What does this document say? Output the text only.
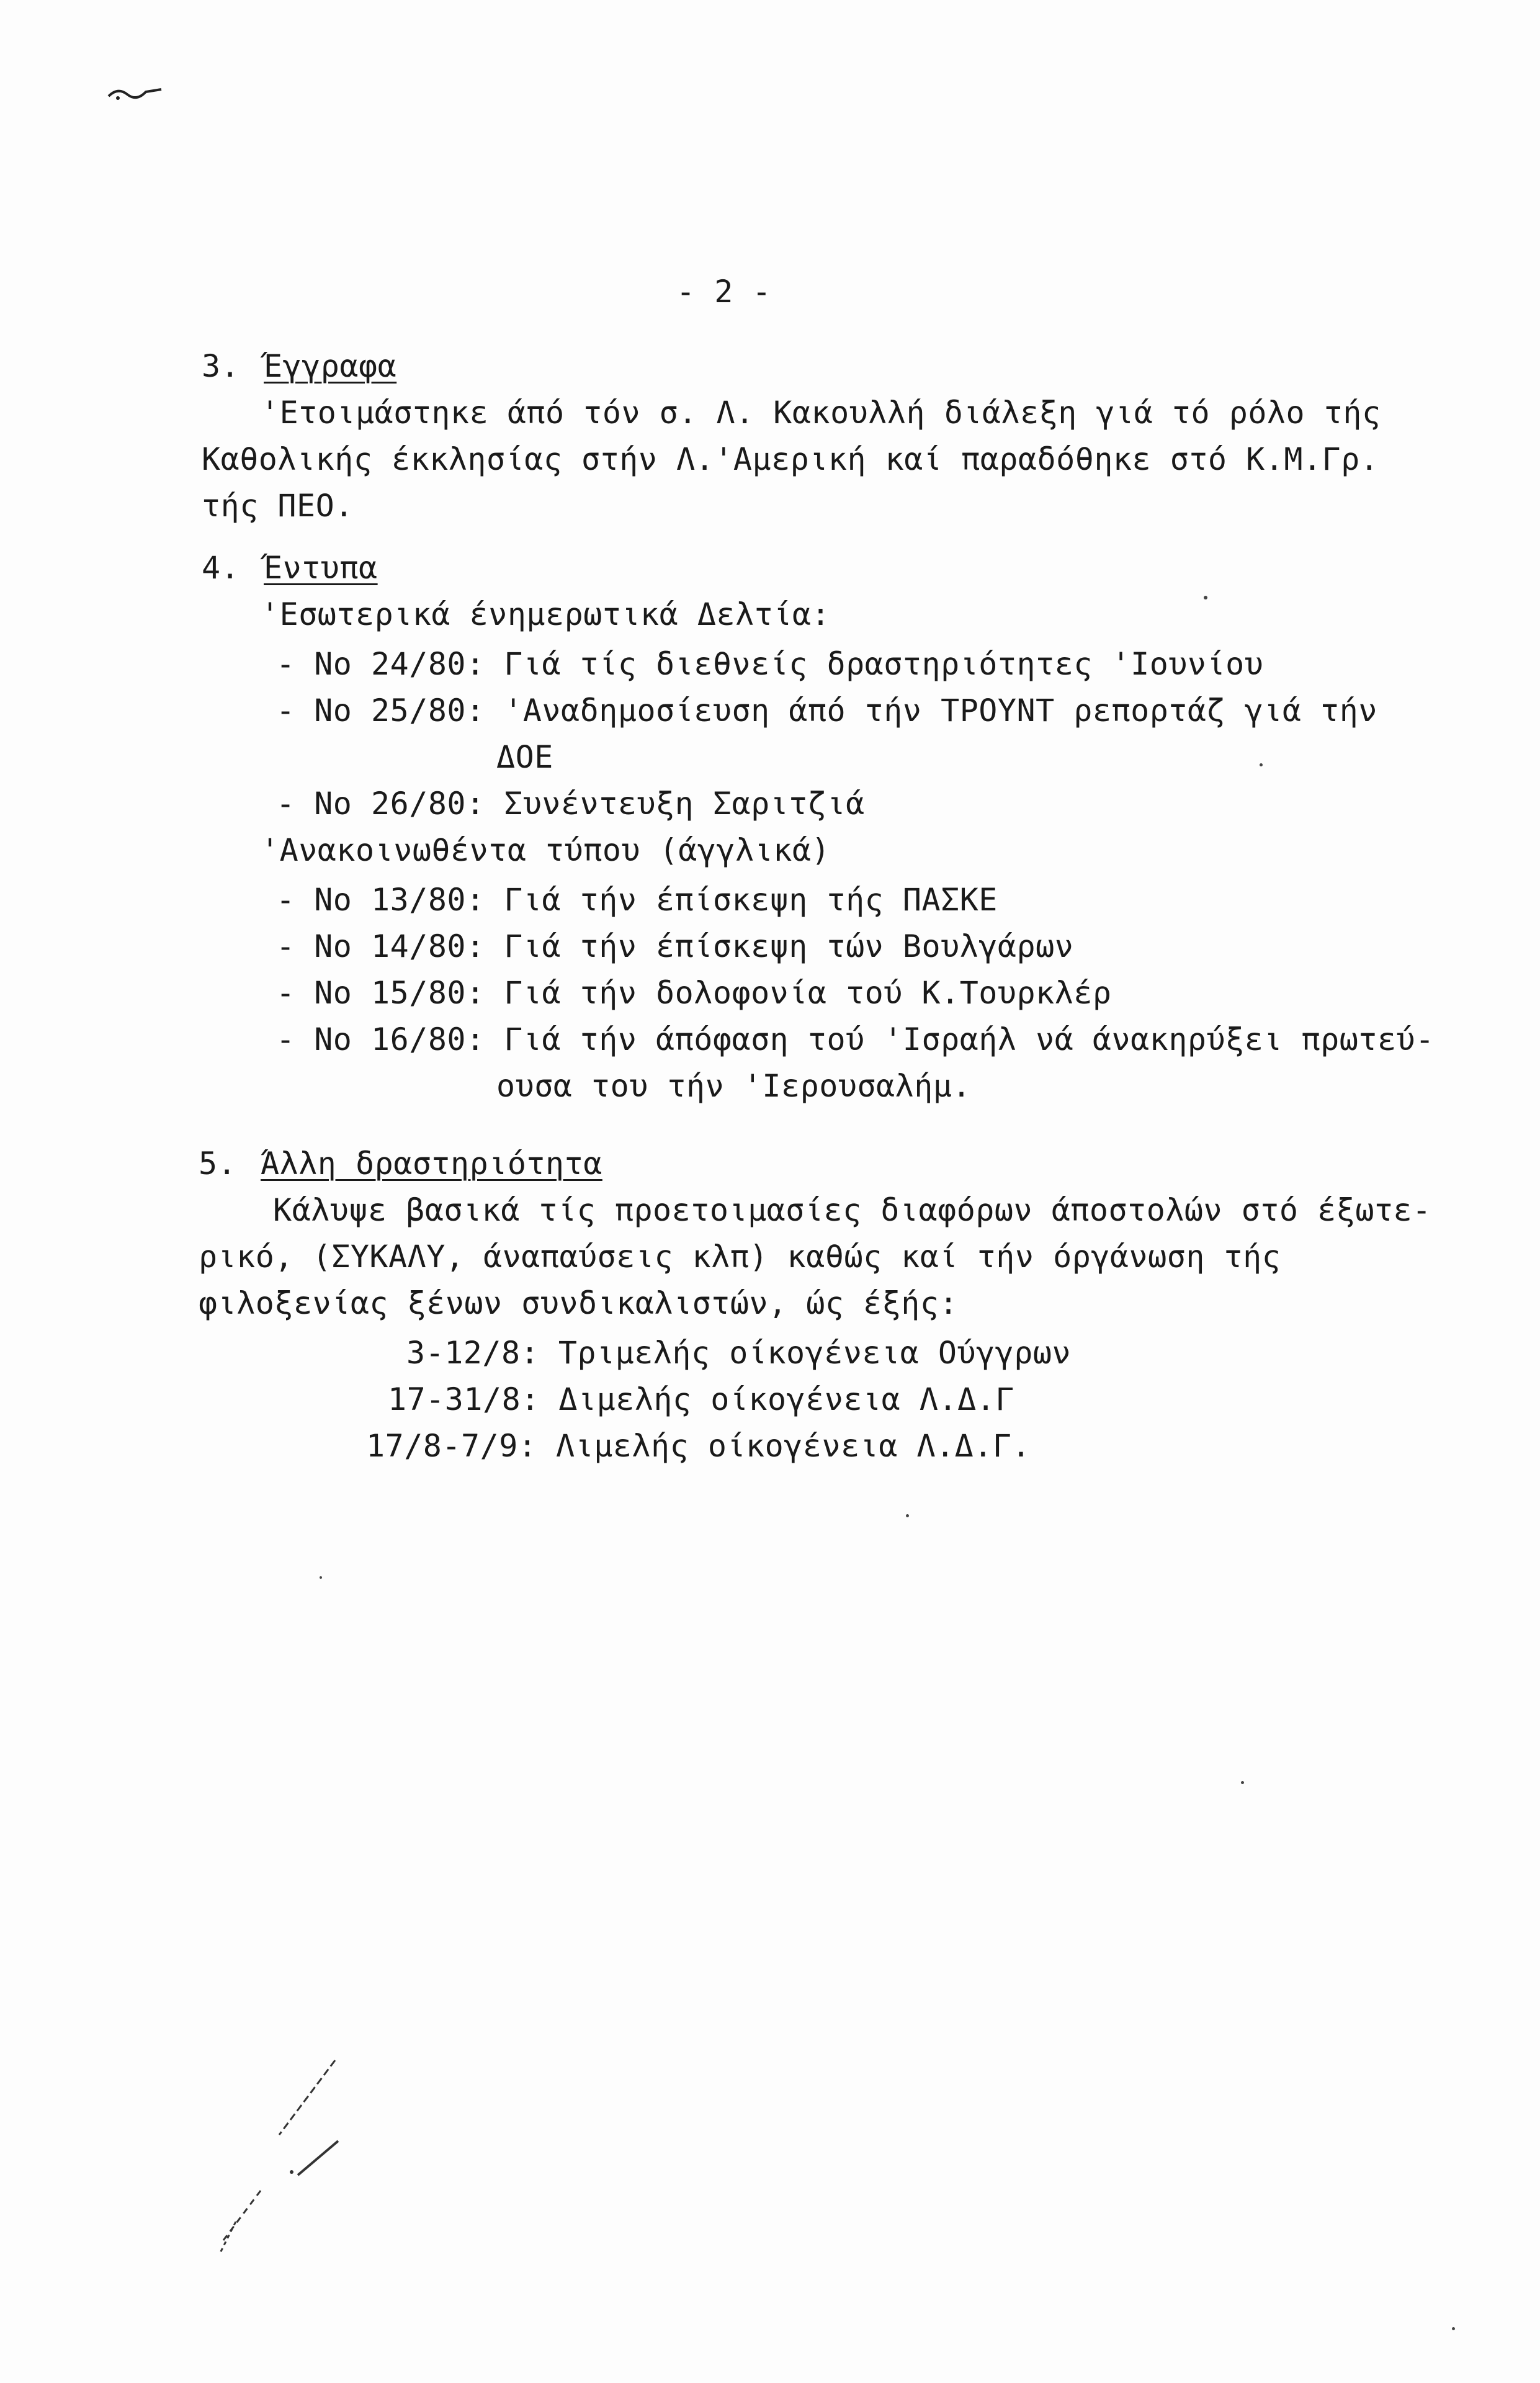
- 2 -
3. Έγγραφα
'Ετοιμάστηκε άπό τόν σ. Λ. Κακουλλή διάλεξη γιά τό ρόλο τής
Καθολικής έκκλησίας στήν Λ.'Αμερική καί παραδόθηκε στό Κ.Μ.Γρ.
τής ΠΕΟ.
4. Έντυπα
'Εσωτερικά ένημερωτικά Δελτία:
- Νο 24/80: Γιά τίς διεθνείς δραστηριότητες 'Ιουνίου
- Νο 25/80: 'Αναδημοσίευση άπό τήν ΤΡΟΥΝΤ ρεπορτάζ γιά τήν
ΔΟΕ
- Νο 26/80: Συνέντευξη Σαριτζιά
'Ανακοινωθέντα τύπου (άγγλικά)
- Νο 13/80: Γιά τήν έπίσκεψη τής ΠΑΣΚΕ
- Νο 14/80: Γιά τήν έπίσκεψη τών Βουλγάρων
- Νο 15/80: Γιά τήν δολοφονία τού Κ.Τουρκλέρ
- Νο 16/80: Γιά τήν άπόφαση τού 'Ισραήλ νά άνακηρύξει πρωτεύ-
ουσα του τήν 'Ιερουσαλήμ.
5. Άλλη δραστηριότητα
Κάλυψε βασικά τίς προετοιμασίες διαφόρων άποστολών στό έξωτε-
ρικό, (ΣΥΚΑΛΥ, άναπαύσεις κλπ) καθώς καί τήν όργάνωση τής
φιλοξενίας ξένων συνδικαλιστών, ώς έξής:
3-12/8: Τριμελής οίκογένεια Ούγγρων
17-31/8: Διμελής οίκογένεια Λ.Δ.Γ
17/8-7/9: Λιμελής οίκογένεια Λ.Δ.Γ.
